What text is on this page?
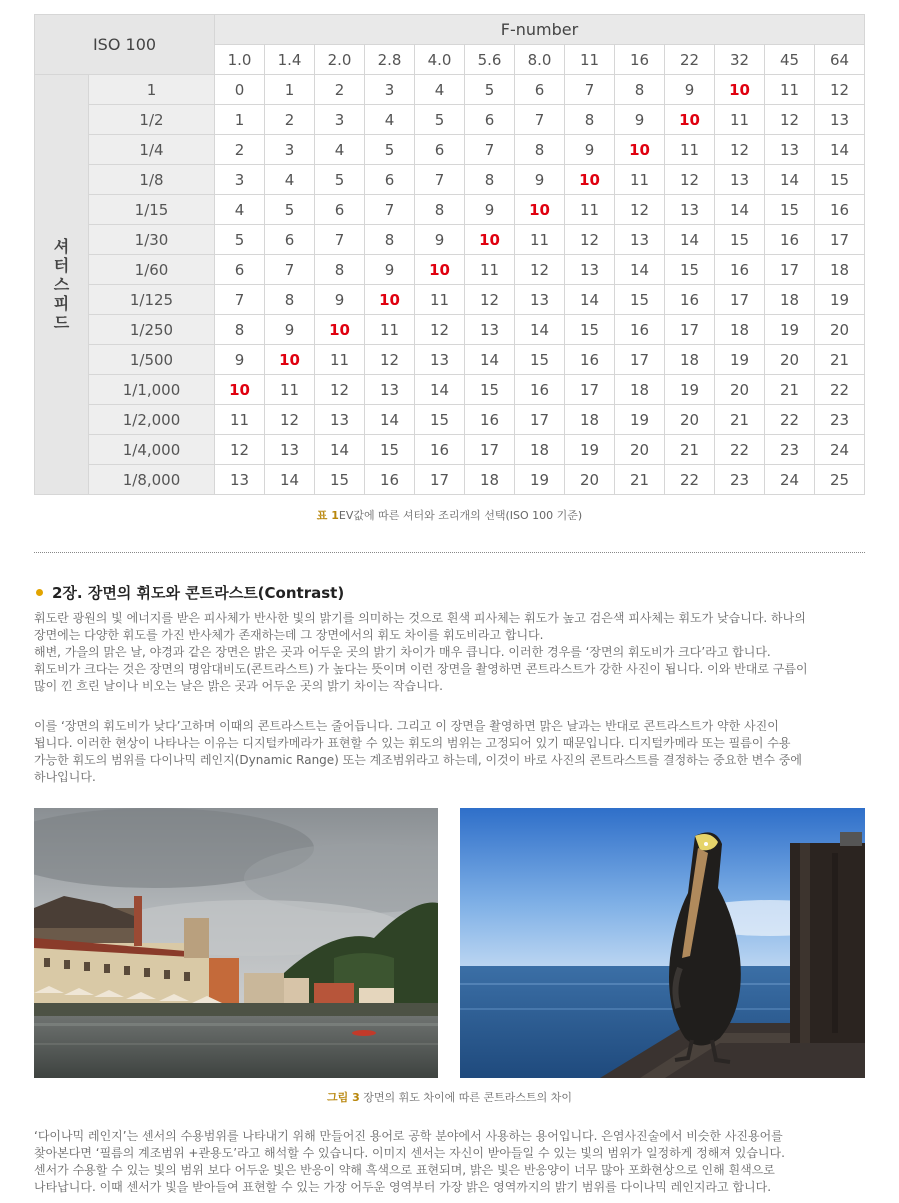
ISO 100		F-number												
		1.0	1.4	2.0	2.8	4.0	5.6	8.0	11	16	22	32	45	64

셔
터
스
피
드	1	0	1	2	3	4	5	6	7	8	9	10	11	12
	1/2	1	2	3	4	5	6	7	8	9	10	11	12	13
	1/4	2	3	4	5	6	7	8	9	10	11	12	13	14
	1/8	3	4	5	6	7	8	9	10	11	12	13	14	15
	1/15	4	5	6	7	8	9	10	11	12	13	14	15	16
	1/30	5	6	7	8	9	10	11	12	13	14	15	16	17
	1/60	6	7	8	9	10	11	12	13	14	15	16	17	18
	1/125	7	8	9	10	11	12	13	14	15	16	17	18	19
	1/250	8	9	10	11	12	13	14	15	16	17	18	19	20
	1/500	9	10	11	12	13	14	15	16	17	18	19	20	21
	1/1,000	10	11	12	13	14	15	16	17	18	19	20	21	22
	1/2,000	11	12	13	14	15	16	17	18	19	20	21	22	23
	1/4,000	12	13	14	15	16	17	18	19	20	21	22	23	24
	1/8,000	13	14	15	16	17	18	19	20	21	22	23	24	25
표 1EV값에 따른 셔터와 조리개의 선택(ISO 100 기준)
2장. 장면의 휘도와 콘트라스트(Contrast)

휘도란 광원의 빛 에너지를 받은 피사체가 반사한 빛의 밝기를 의미하는 것으로 흰색 피사체는 휘도가 높고 검은색 피사체는 휘도가 낮습니다. 하나의

장면에는 다양한 휘도를 가진 반사체가 존재하는데 그 장면에서의 휘도 차이를 휘도비라고 합니다.

해변, 가을의 맑은 날, 야경과 같은 장면은 밝은 곳과 어두운 곳의 밝기 차이가 매우 큽니다. 이러한 경우를 ‘장면의 휘도비가 크다’라고 합니다.

휘도비가 크다는 것은 장면의 명암대비도(콘트라스트) 가 높다는 뜻이며 이런 장면을 촬영하면 콘트라스트가 강한 사진이 됩니다. 이와 반대로 구름이

많이 낀 흐린 날이나 비오는 날은 밝은 곳과 어두운 곳의 밝기 차이는 작습니다.

이를 ‘장면의 휘도비가 낮다’고하며 이때의 콘트라스트는 줄어듭니다. 그리고 이 장면을 촬영하면 맑은 날과는 반대로 콘트라스트가 약한 사진이

됩니다. 이러한 현상이 나타나는 이유는 디지털카메라가 표현할 수 있는 휘도의 범위는 고정되어 있기 때문입니다. 디지털카메라 또는 필름이 수용

가능한 휘도의 범위를 다이나믹 레인지(Dynamic Range) 또는 계조범위라고 하는데, 이것이 바로 사진의 콘트라스트를 결정하는 중요한 변수 중에

하나입니다.

그림 3 장면의 휘도 차이에 따른 콘트라스트의 차이

‘다이나믹 레인지’는 센서의 수용범위를 나타내기 위해 만들어진 용어로 공학 분야에서 사용하는 용어입니다. 은염사진술에서 비슷한 사진용어를

찾아본다면 ‘필름의 계조범위 +관용도’라고 해석할 수 있습니다. 이미지 센서는 자신이 받아들일 수 있는 빛의 범위가 일정하게 정해져 있습니다.

센서가 수용할 수 있는 빛의 범위 보다 어두운 빛은 반응이 약해 흑색으로 표현되며, 밝은 빛은 반응양이 너무 많아 포화현상으로 인해 흰색으로

나타납니다. 이때 센서가 빛을 받아들여 표현할 수 있는 가장 어두운 영역부터 가장 밝은 영역까지의 밝기 범위를 다이나믹 레인지라고 합니다.
